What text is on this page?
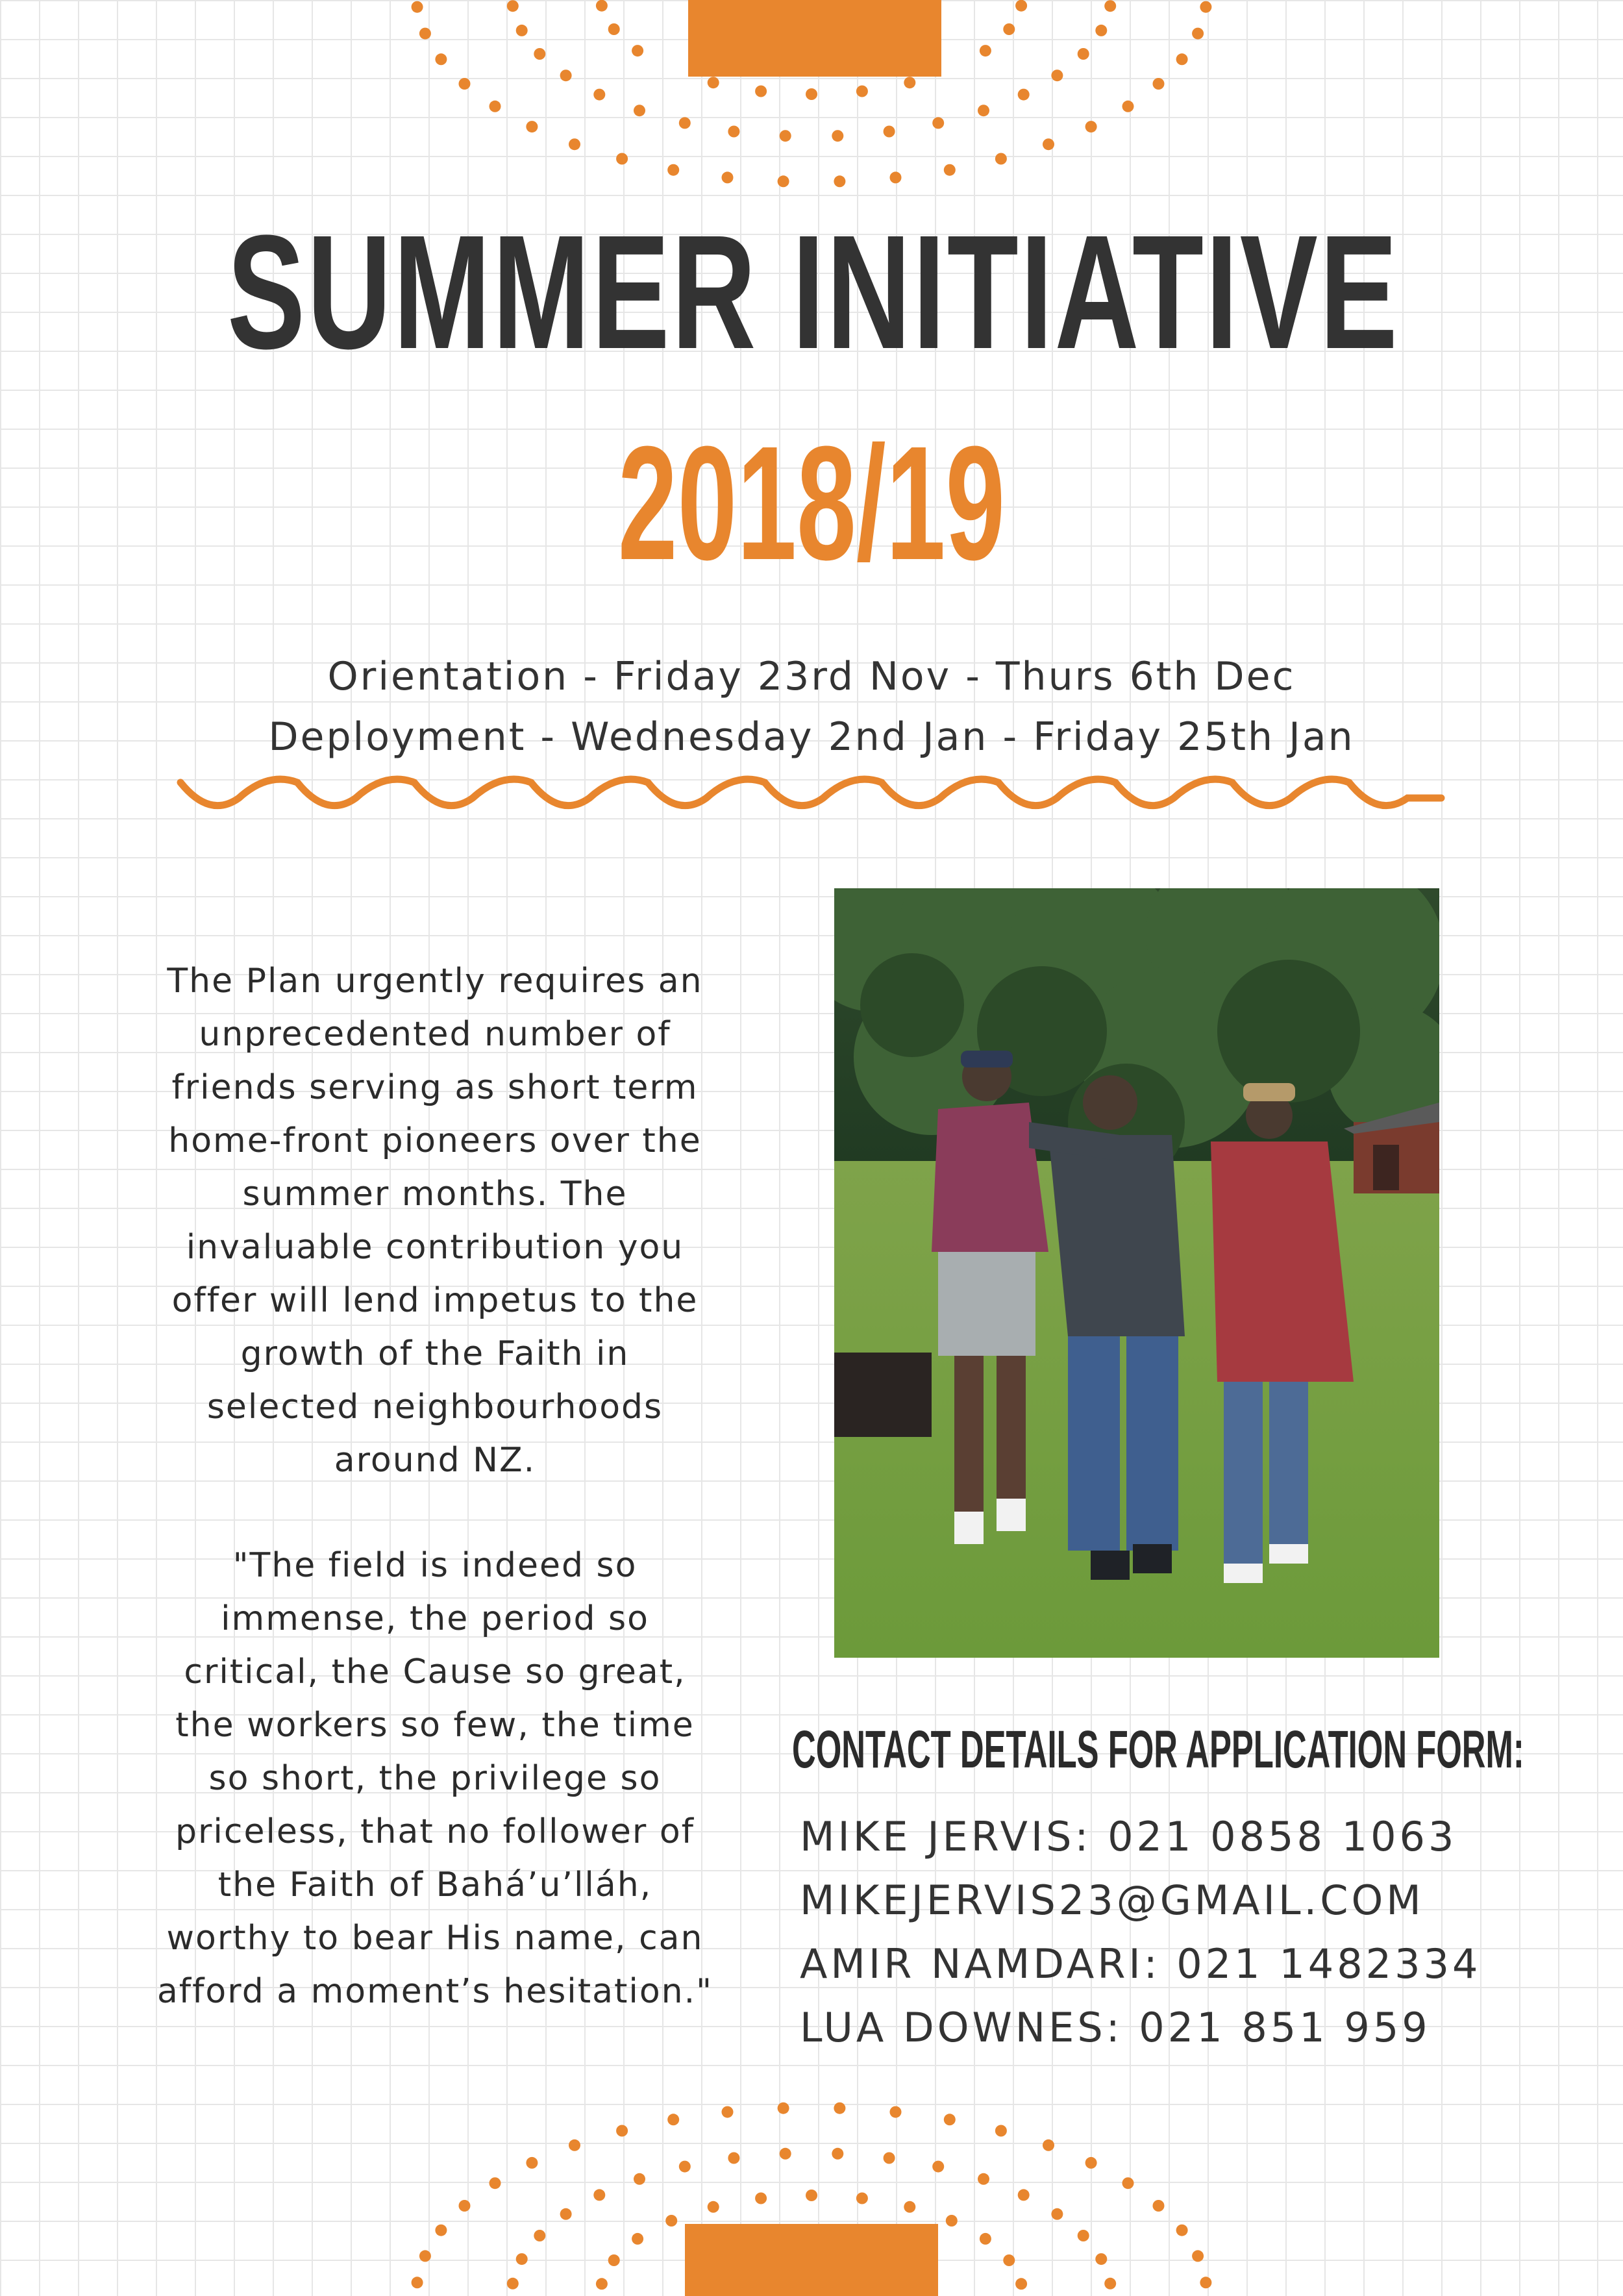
SUMMER INITIATIVE
2018/19
Orientation - Friday 23rd Nov - Thurs 6th Dec
Deployment - Wednesday 2nd Jan - Friday 25th Jan
The Plan urgently requires an
unprecedented number of
friends serving as short term
home-front pioneers over the
summer months. The
invaluable contribution you
offer will lend impetus to the
growth of the Faith in
selected neighbourhoods
around NZ.
"The field is indeed so
immense, the period so
critical, the Cause so great,
the workers so few, the time
so short, the privilege so
priceless, that no follower of
the Faith of Bahá’u’lláh,
worthy to bear His name, can
afford a moment’s hesitation."
CONTACT DETAILS FOR APPLICATION FORM:
MIKE JERVIS: 021 0858 1063
MIKEJERVIS23@GMAIL.COM
AMIR NAMDARI: 021 1482334
LUA DOWNES: 021 851 959
